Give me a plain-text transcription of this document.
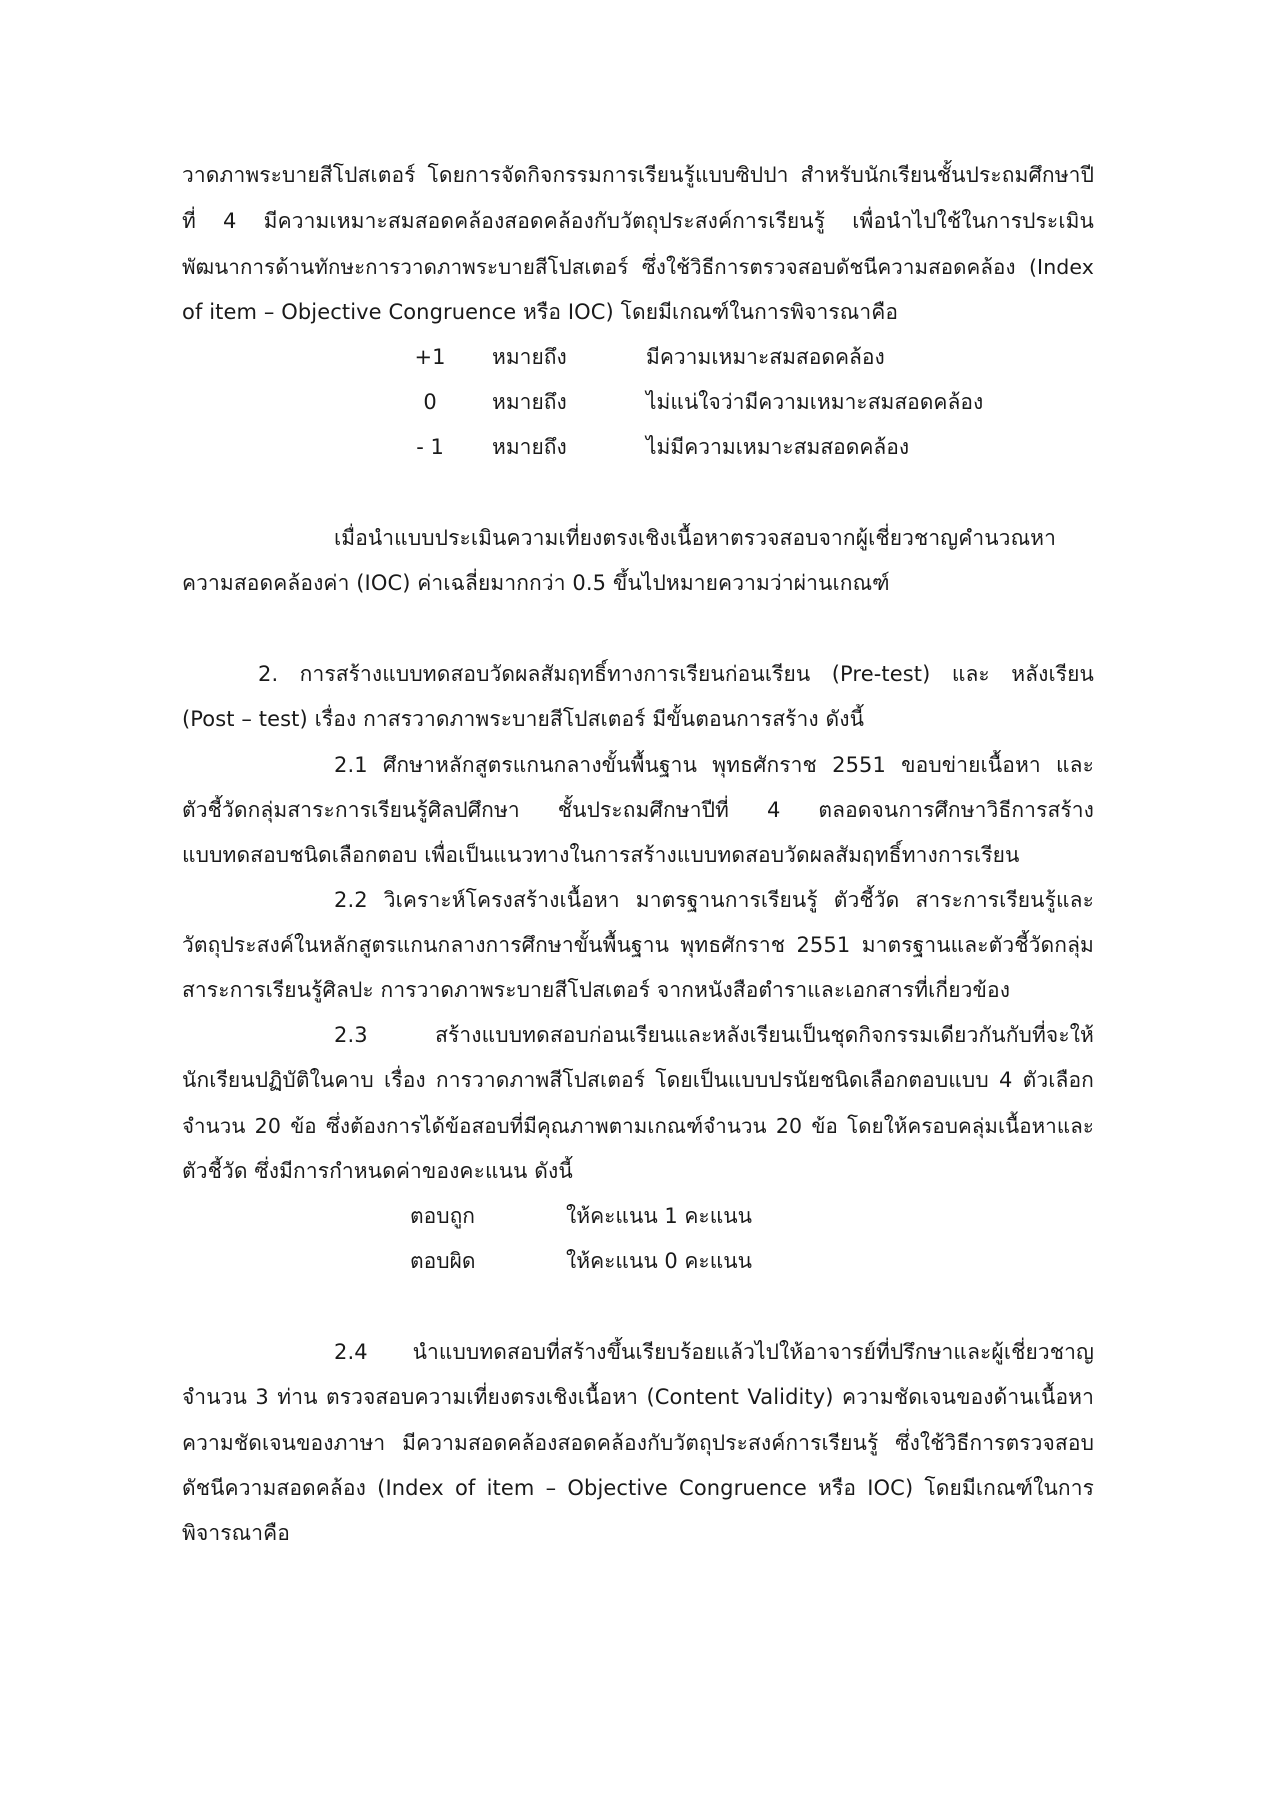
วาดภาพระบายสีโปสเตอร์ โดยการจัดกิจกรรมการเรียนรู้แบบซิปปา สำหรับนักเรียนชั้นประถมศึกษาปี
ที่ 4 มีความเหมาะสมสอดคล้องสอดคล้องกับวัตถุประสงค์การเรียนรู้ เพื่อนำไปใช้ในการประเมิน
พัฒนาการด้านทักษะการวาดภาพระบายสีโปสเตอร์ ซึ่งใช้วิธีการตรวจสอบดัชนีความสอดคล้อง (Index
of item – Objective Congruence หรือ IOC) โดยมีเกณฑ์ในการพิจารณาคือ
+1 หมายถึง	มีความเหมาะสมสอดคล้อง
0	หมายถึง	ไม่แน่ใจว่ามีความเหมาะสมสอดคล้อง
- 1 หมายถึง	ไม่มีความเหมาะสมสอดคล้อง
เมื่อนำแบบประเมินความเที่ยงตรงเชิงเนื้อหาตรวจสอบจากผู้เชี่ยวชาญคำนวณหา
ความสอดคล้องค่า (IOC) ค่าเฉลี่ยมากกว่า 0.5 ขึ้นไปหมายความว่าผ่านเกณฑ์
2. การสร้างแบบทดสอบวัดผลสัมฤทธิ์ทางการเรียนก่อนเรียน (Pre-test) และ หลังเรียน
(Post – test) เรื่อง กาสรวาดภาพระบายสีโปสเตอร์ มีขั้นตอนการสร้าง ดังนี้
2.1 ศึกษาหลักสูตรแกนกลางขั้นพื้นฐาน พุทธศักราช 2551 ขอบข่ายเนื้อหา และ
ตัวชี้วัดกลุ่มสาระการเรียนรู้ศิลปศึกษา ชั้นประถมศึกษาปีที่ 4 ตลอดจนการศึกษาวิธีการสร้าง
แบบทดสอบชนิดเลือกตอบ เพื่อเป็นแนวทางในการสร้างแบบทดสอบวัดผลสัมฤทธิ์ทางการเรียน
2.2 วิเคราะห์โครงสร้างเนื้อหา มาตรฐานการเรียนรู้ ตัวชี้วัด สาระการเรียนรู้และ
วัตถุประสงค์ในหลักสูตรแกนกลางการศึกษาขั้นพื้นฐาน พุทธศักราช 2551 มาตรฐานและตัวชี้วัดกลุ่ม
สาระการเรียนรู้ศิลปะ การวาดภาพระบายสีโปสเตอร์ จากหนังสือตำราและเอกสารที่เกี่ยวข้อง
2.3 สร้างแบบทดสอบก่อนเรียนและหลังเรียนเป็นชุดกิจกรรมเดียวกันกับที่จะให้
นักเรียนปฏิบัติในคาบ เรื่อง การวาดภาพสีโปสเตอร์ โดยเป็นแบบปรนัยชนิดเลือกตอบแบบ 4 ตัวเลือก
จำนวน 20 ข้อ ซึ่งต้องการได้ข้อสอบที่มีคุณภาพตามเกณฑ์จำนวน 20 ข้อ โดยให้ครอบคลุ่มเนื้อหาและ
ตัวชี้วัด ซึ่งมีการกำหนดค่าของคะแนน ดังนี้
ตอบถูก	ให้คะแนน 1 คะแนน
ตอบผิด	ให้คะแนน 0 คะแนน
2.4 นำแบบทดสอบที่สร้างขึ้นเรียบร้อยแล้วไปให้อาจารย์ที่ปรึกษาและผู้เชี่ยวชาญ
จำนวน 3 ท่าน ตรวจสอบความเที่ยงตรงเชิงเนื้อหา (Content Validity) ความชัดเจนของด้านเนื้อหา
ความชัดเจนของภาษา มีความสอดคล้องสอดคล้องกับวัตถุประสงค์การเรียนรู้ ซึ่งใช้วิธีการตรวจสอบ
ดัชนีความสอดคล้อง (Index of item – Objective Congruence หรือ IOC) โดยมีเกณฑ์ในการ
พิจารณาคือ
